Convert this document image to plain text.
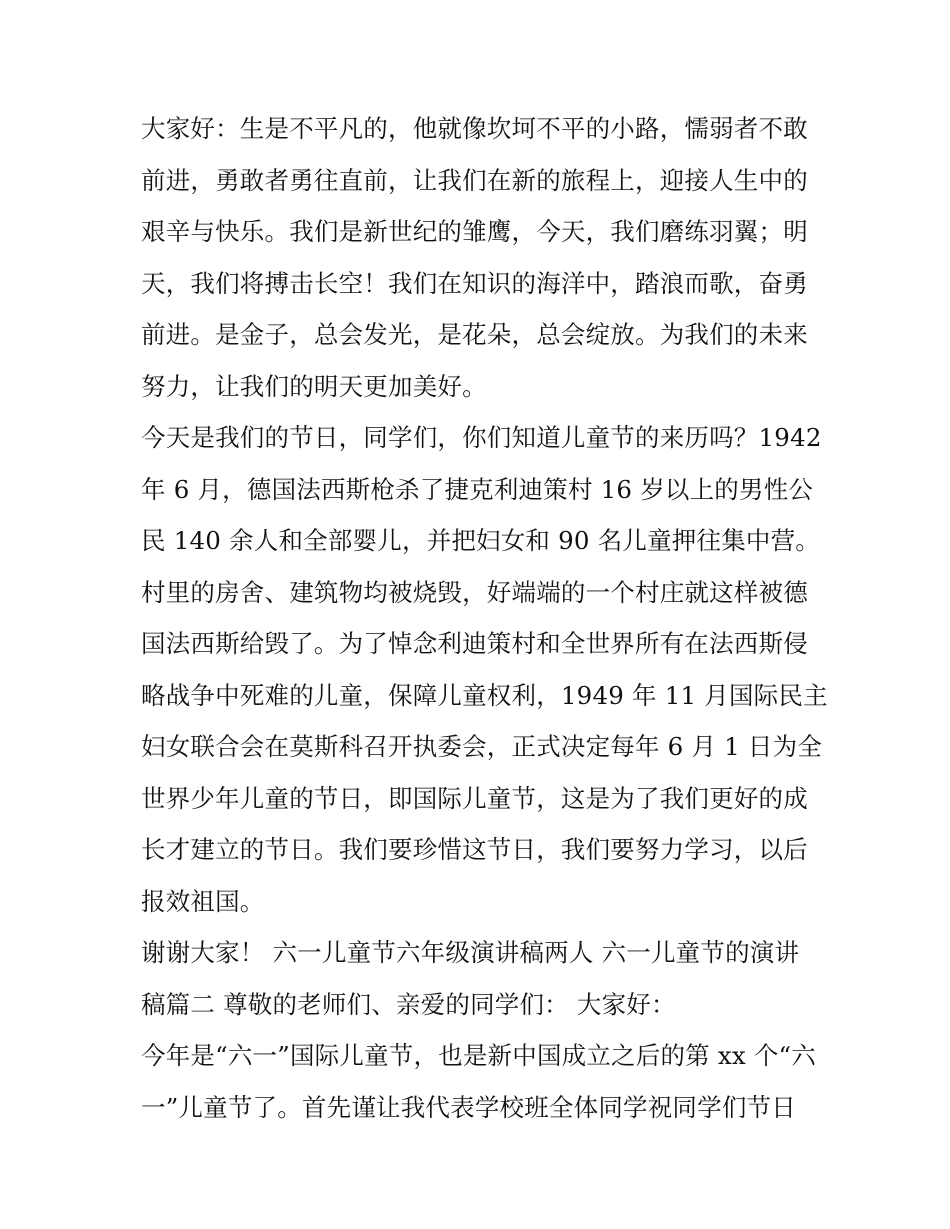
大家好：生是不平凡的，他就像坎坷不平的小路，懦弱者不敢
前进，勇敢者勇往直前，让我们在新的旅程上，迎接人生中的
艰辛与快乐。我们是新世纪的雏鹰，今天，我们磨练羽翼；明
天，我们将搏击长空！我们在知识的海洋中，踏浪而歌，奋勇
前进。是金子，总会发光，是花朵，总会绽放。为我们的未来
努力，让我们的明天更加美好。
今天是我们的节日，同学们，你们知道儿童节的来历吗？1942
年 6 月，德国法西斯枪杀了捷克利迪策村 16 岁以上的男性公
民 140 余人和全部婴儿，并把妇女和 90 名儿童押往集中营。
村里的房舍、建筑物均被烧毁，好端端的一个村庄就这样被德
国法西斯给毁了。为了悼念利迪策村和全世界所有在法西斯侵
略战争中死难的儿童，保障儿童权利，1949 年 11 月国际民主
妇女联合会在莫斯科召开执委会，正式决定每年 6 月 1 日为全
世界少年儿童的节日，即国际儿童节，这是为了我们更好的成
长才建立的节日。我们要珍惜这节日，我们要努力学习，以后
报效祖国。
谢谢大家！ 六一儿童节六年级演讲稿两人 六一儿童节的演讲
稿篇二 尊敬的老师们、亲爱的同学们： 大家好：
今年是“六一”国际儿童节，也是新中国成立之后的第 xx 个“六
一”儿童节了。首先谨让我代表学校班全体同学祝同学们节日
